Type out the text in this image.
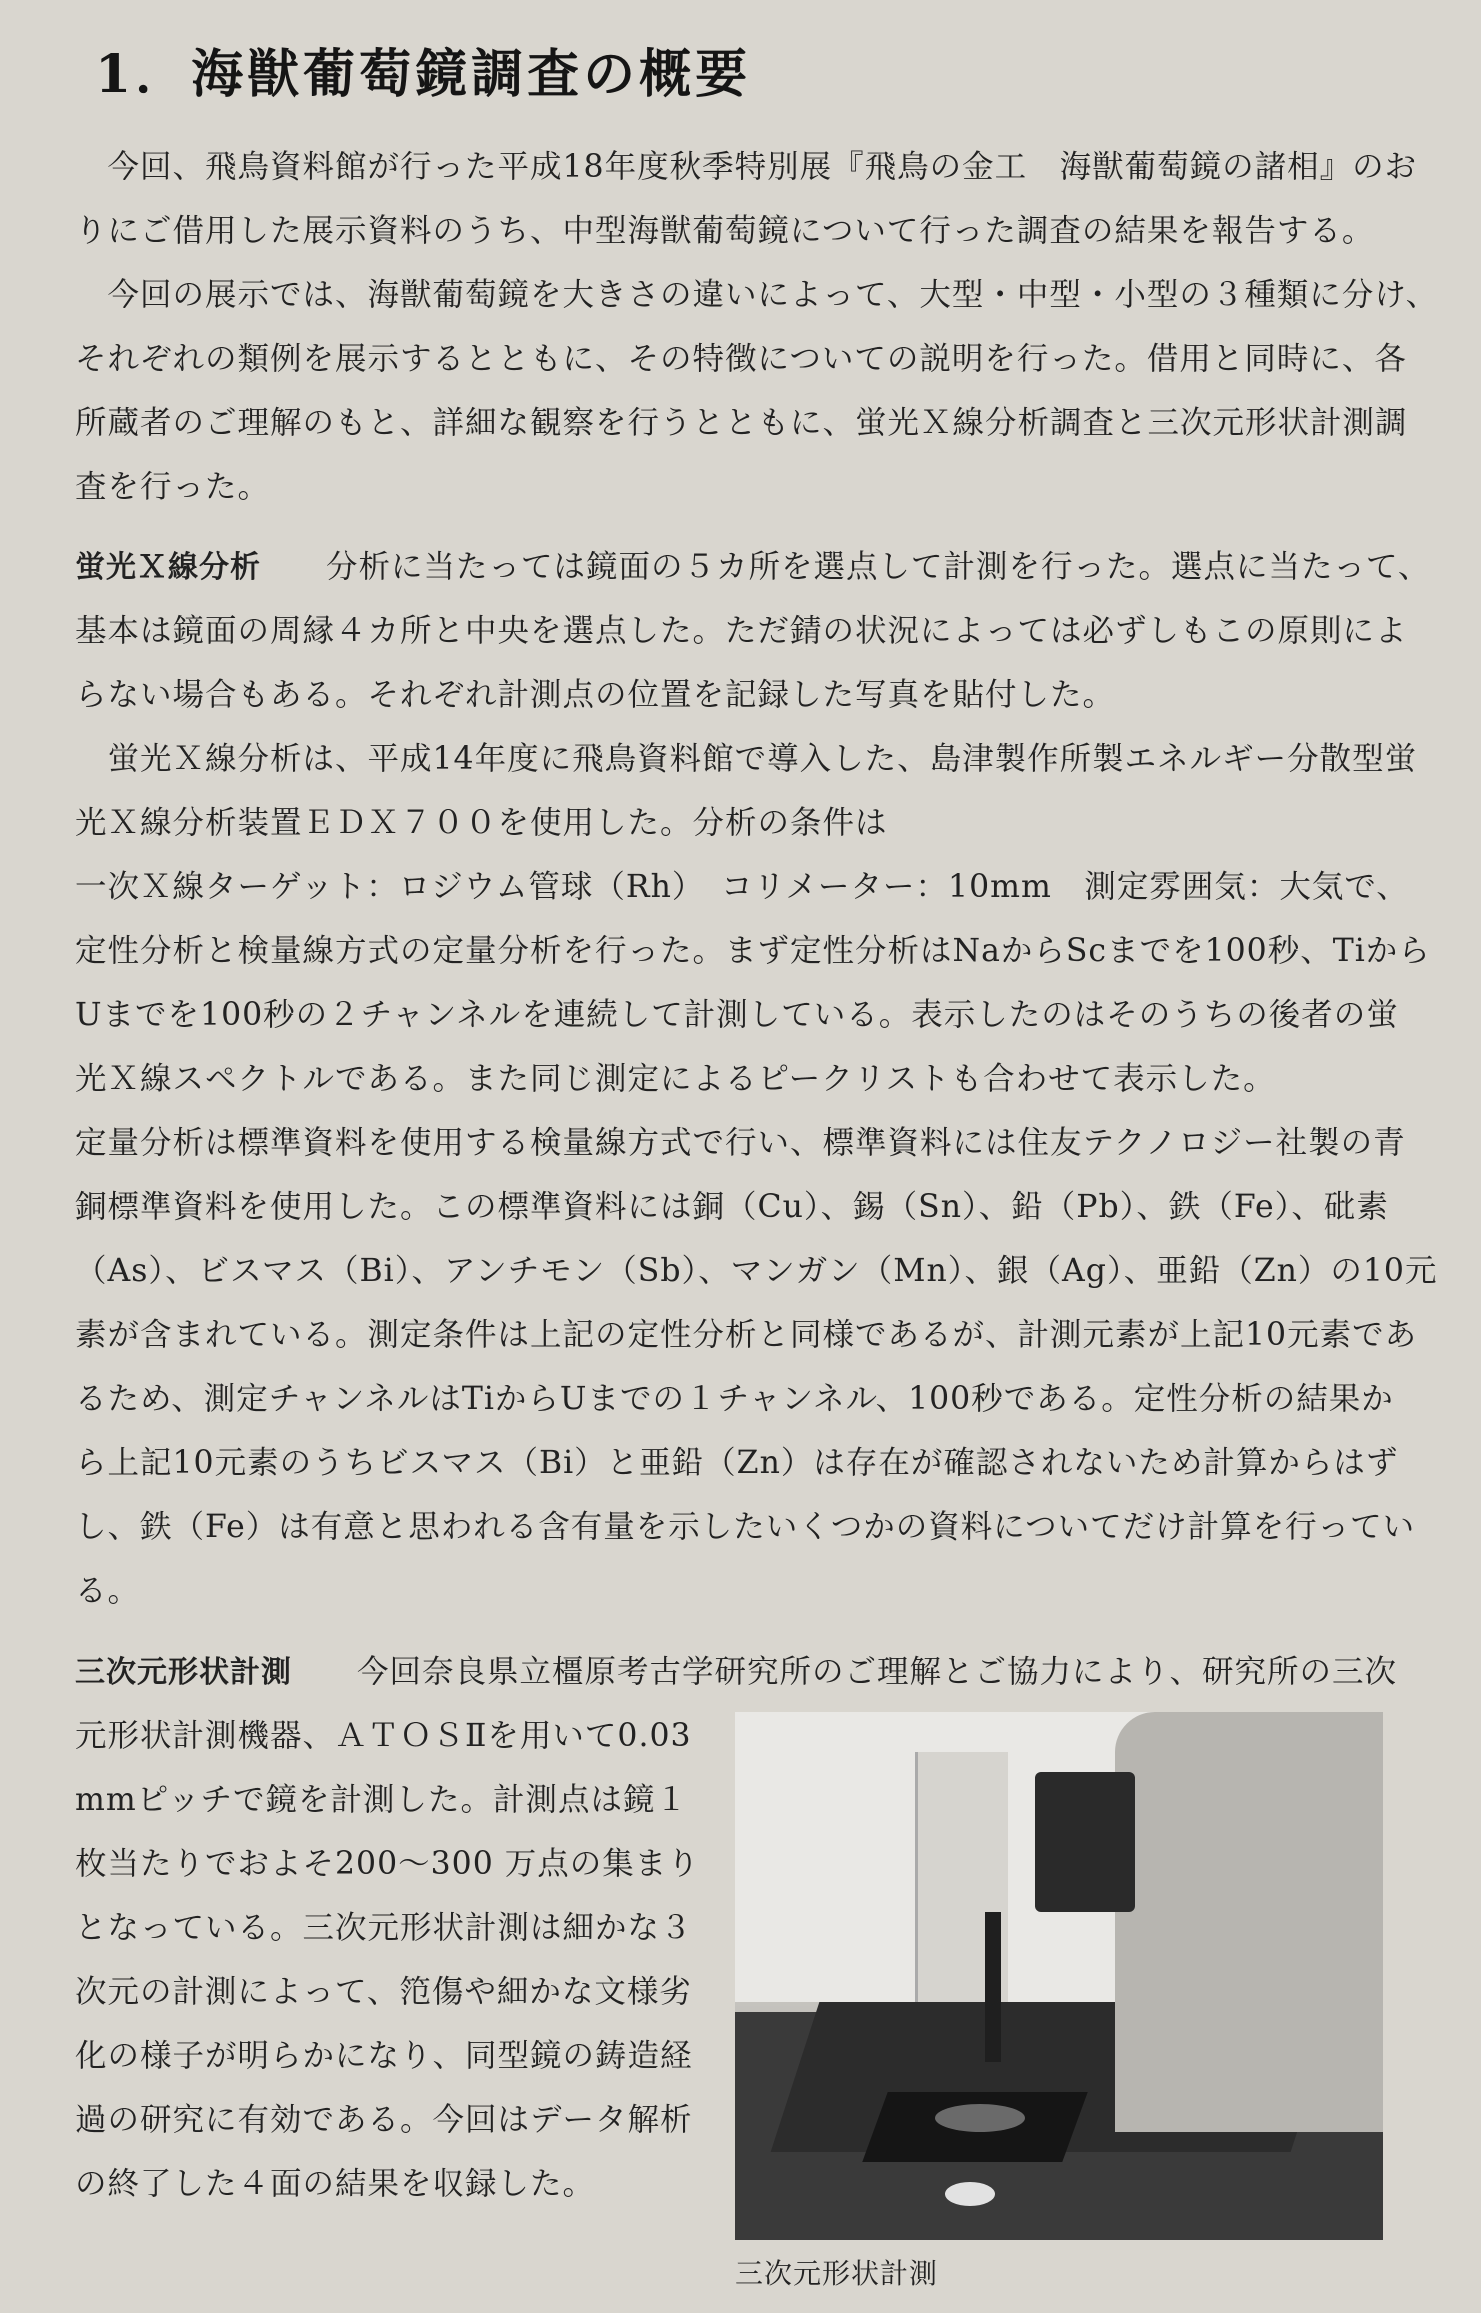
1．海獣葡萄鏡調査の概要
　今回、飛鳥資料館が行った平成18年度秋季特別展『飛鳥の金工　海獣葡萄鏡の諸相』のお
りにご借用した展示資料のうち、中型海獣葡萄鏡について行った調査の結果を報告する。
　今回の展示では、海獣葡萄鏡を大きさの違いによって、大型・中型・小型の３種類に分け、
それぞれの類例を展示するとともに、その特徴についての説明を行った。借用と同時に、各
所蔵者のご理解のもと、詳細な観察を行うとともに、蛍光Ｘ線分析調査と三次元形状計測調
査を行った。
蛍光Ｘ線分析　　分析に当たっては鏡面の５カ所を選点して計測を行った。選点に当たって、
基本は鏡面の周縁４カ所と中央を選点した。ただ錆の状況によっては必ずしもこの原則によ
らない場合もある。それぞれ計測点の位置を記録した写真を貼付した。
　蛍光Ｘ線分析は、平成14年度に飛鳥資料館で導入した、島津製作所製エネルギー分散型蛍
光Ｘ線分析装置ＥＤＸ７００を使用した。分析の条件は
一次Ｘ線ターゲット：ロジウム管球（Rh）　コリメーター：10mm　測定雰囲気：大気で、
定性分析と検量線方式の定量分析を行った。まず定性分析はNaからScまでを100秒、Tiから
Uまでを100秒の２チャンネルを連続して計測している。表示したのはそのうちの後者の蛍
光Ｘ線スペクトルである。また同じ測定によるピークリストも合わせて表示した。
定量分析は標準資料を使用する検量線方式で行い、標準資料には住友テクノロジー社製の青
銅標準資料を使用した。この標準資料には銅（Cu）、錫（Sn）、鉛（Pb）、鉄（Fe）、砒素
（As）、ビスマス（Bi）、アンチモン（Sb）、マンガン（Mn）、銀（Ag）、亜鉛（Zn）の10元
素が含まれている。測定条件は上記の定性分析と同様であるが、計測元素が上記10元素であ
るため、測定チャンネルはTiからUまでの１チャンネル、100秒である。定性分析の結果か
ら上記10元素のうちビスマス（Bi）と亜鉛（Zn）は存在が確認されないため計算からはず
し、鉄（Fe）は有意と思われる含有量を示したいくつかの資料についてだけ計算を行ってい
る。
三次元形状計測　　今回奈良県立橿原考古学研究所のご理解とご協力により、研究所の三次
元形状計測機器、ＡＴＯＳⅡを用いて0.03
mmピッチで鏡を計測した。計測点は鏡１
枚当たりでおよそ200～300 万点の集まり
となっている。三次元形状計測は細かな３
次元の計測によって、笵傷や細かな文様劣
化の様子が明らかになり、同型鏡の鋳造経
過の研究に有効である。今回はデータ解析
の終了した４面の結果を収録した。
三次元形状計測
